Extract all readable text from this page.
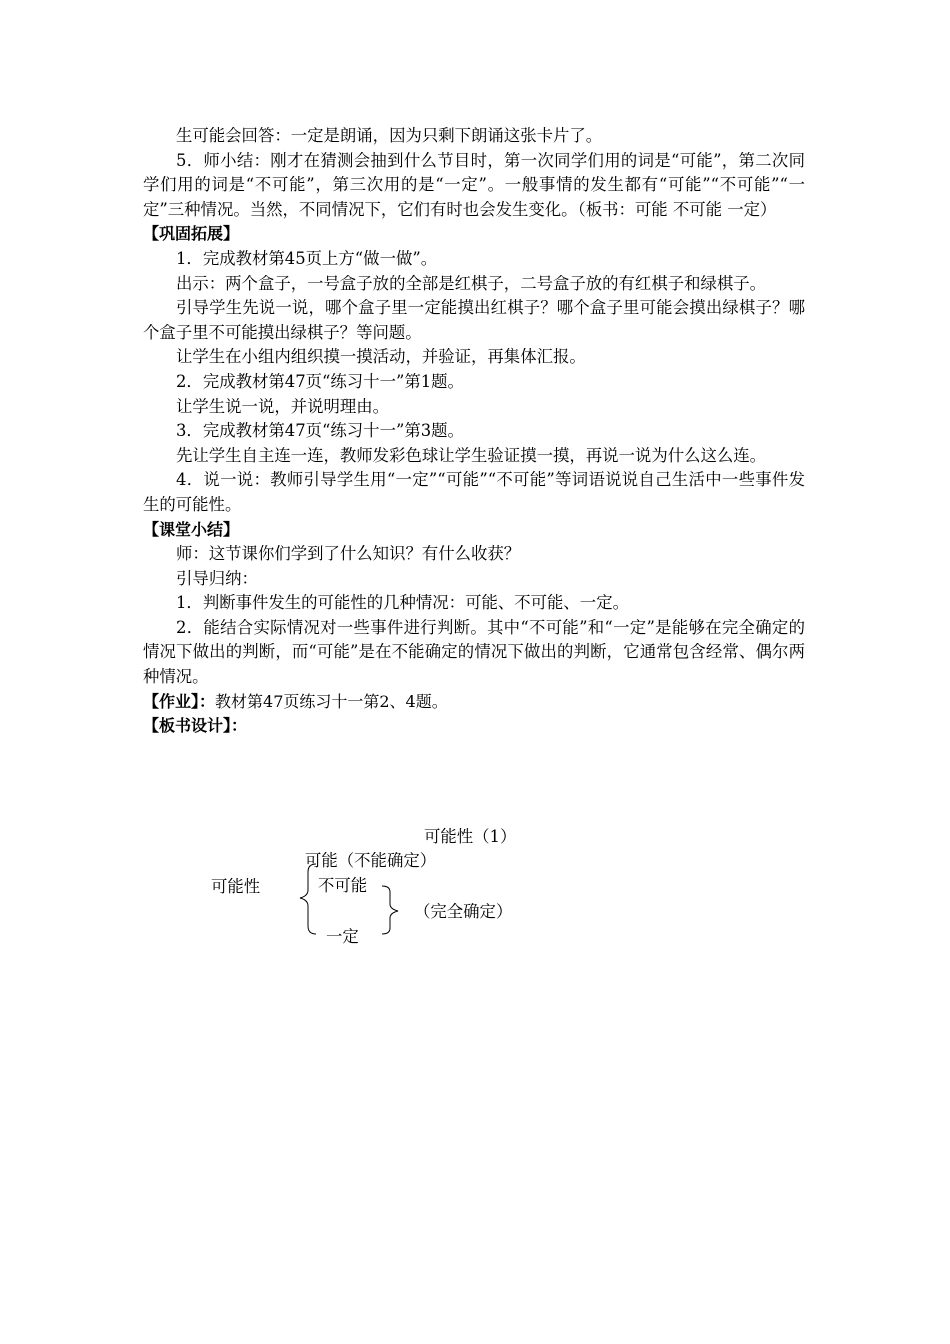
生可能会回答：一定是朗诵，因为只剩下朗诵这张卡片了。

5．师小结：刚才在猜测会抽到什么节目时，第一次同学们用的词是“可能”，第二次同学们用的词是“不可能”，第三次用的是“一定”。一般事情的发生都有“可能”“不可能”“一定”三种情况。当然，不同情况下，它们有时也会发生变化。（板书：可能 不可能 一定）

【巩固拓展】

1．完成教材第45页上方“做一做”。

出示：两个盒子，一号盒子放的全部是红棋子，二号盒子放的有红棋子和绿棋子。

引导学生先说一说，哪个盒子里一定能摸出红棋子？哪个盒子里可能会摸出绿棋子？哪个盒子里不可能摸出绿棋子？等问题。

让学生在小组内组织摸一摸活动，并验证，再集体汇报。

2．完成教材第47页“练习十一”第1题。

让学生说一说，并说明理由。

3．完成教材第47页“练习十一”第3题。

先让学生自主连一连，教师发彩色球让学生验证摸一摸，再说一说为什么这么连。

4．说一说：教师引导学生用“一定”“可能”“不可能”等词语说说自己生活中一些事件发生的可能性。

【课堂小结】

师：这节课你们学到了什么知识？有什么收获？

引导归纳：

1．判断事件发生的可能性的几种情况：可能、不可能、一定。

2．能结合实际情况对一些事件进行判断。其中“不可能”和“一定”是能够在完全确定的情况下做出的判断，而“可能”是在不能确定的情况下做出的判断，它通常包含经常、偶尔两种情况。

【作业】：教材第47页练习十一第2、4题。

【板书设计】：

可能性（1）
可能（不能确定）
可能性	不可能
（完全确定）
一定
